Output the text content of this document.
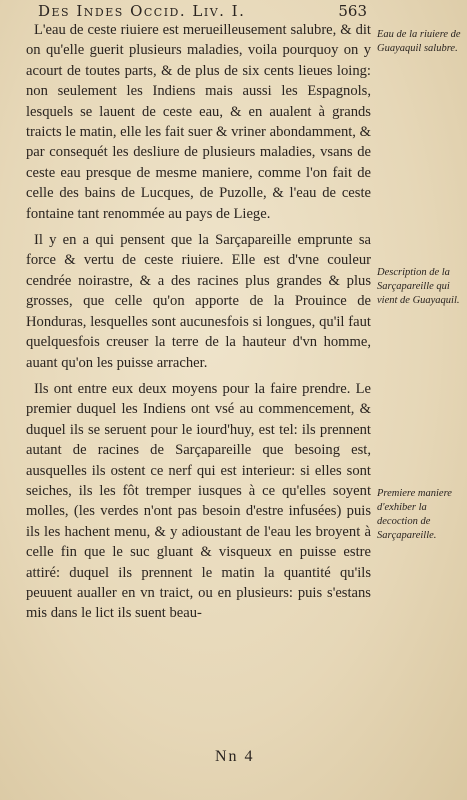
Des Indes Occid. Liv. I.	563

L'eau de ceste riuiere est merueilleusement salubre, & dit on qu'elle guerit plusieurs maladies, voila pourquoy on y acourt de toutes parts, & de plus de six cents lieues loing: non seulement les Indiens mais aussi les Espagnols, lesquels se lauent de ceste eau, & en aualent à grands traicts le matin, elle les fait suer & vriner abondamment, & par consequét les desliure de plusieurs maladies, vsans de ceste eau presque de mesme maniere, comme l'on fait de celle des bains de Lucques, de Puzolle, & l'eau de ceste fontaine tant renommée au pays de Liege.

Il y en a qui pensent que la Sarçapareille emprunte sa force & vertu de ceste riuiere. Elle est d'vne couleur cendrée noirastre, & a des racines plus grandes & plus grosses, que celle qu'on apporte de la Prouince de Honduras, lesquelles sont aucunesfois si longues, qu'il faut quelquesfois creuser la terre de la hauteur d'vn homme, auant qu'on les puisse arracher.

Ils ont entre eux deux moyens pour la faire prendre. Le premier duquel les Indiens ont vsé au commencement, & duquel ils se seruent pour le iourd'huy, est tel: ils prennent autant de racines de Sarçapareille que besoing est, ausquelles ils ostent ce nerf qui est interieur: si elles sont seiches, ils les fôt tremper iusques à ce qu'elles soyent molles, (les verdes n'ont pas besoin d'estre infusées) puis ils les hachent menu, & y adioustant de l'eau les broyent à celle fin que le suc gluant & visqueux en puisse estre attiré: duquel ils prennent le matin la quantité qu'ils peuuent aualler en vn traict, ou en plusieurs: puis s'estans mis dans le lict ils suent beau-

Eau de la riuiere de Guayaquil salubre.
Description de la Sarçapareille qui vient de Guayaquil.
Premiere maniere d'exhiber la decoction de Sarçapareille.
Nn 4
